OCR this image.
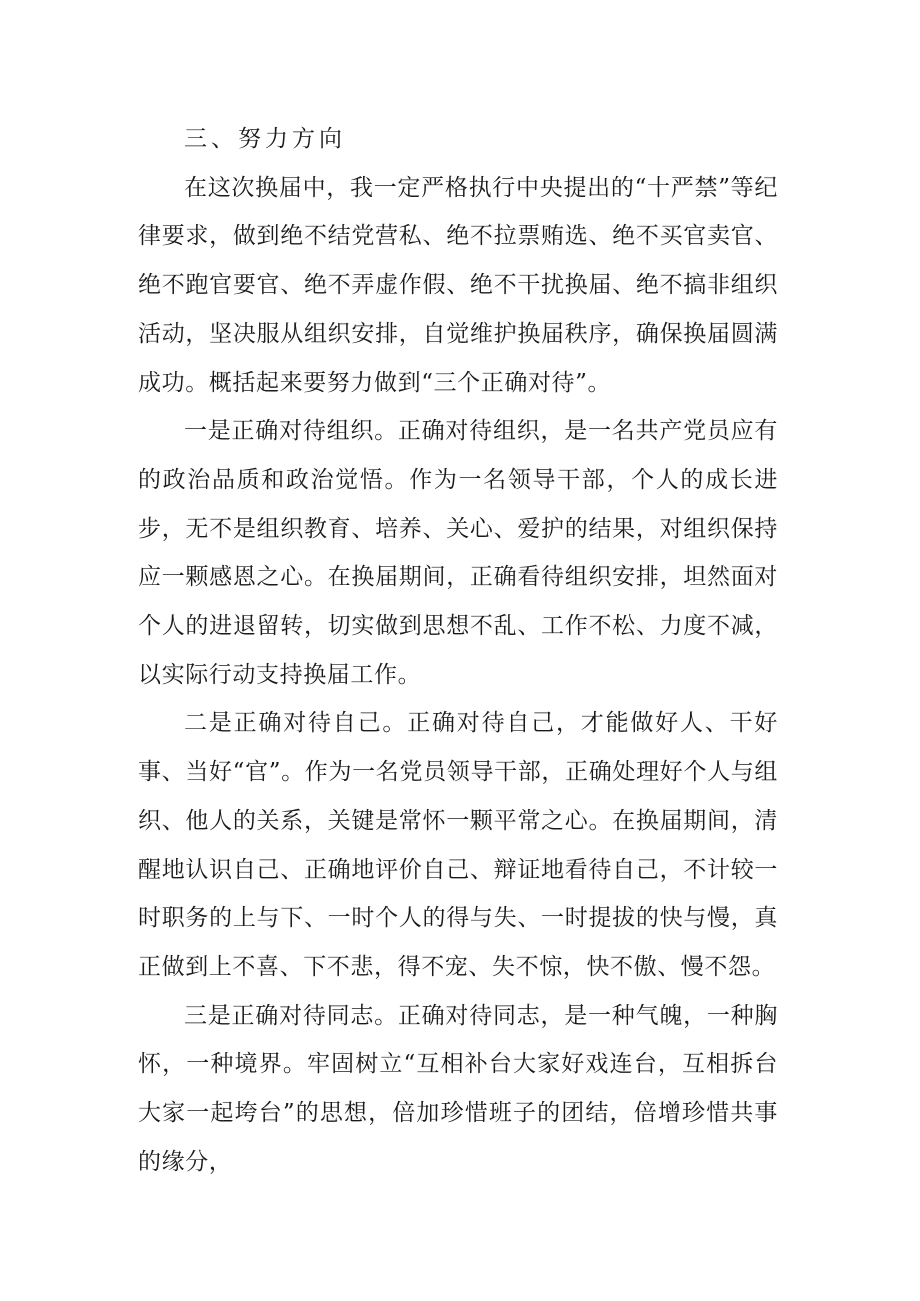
三、努力方向

在这次换届中，我一定严格执行中央提出的“十严禁”等纪律要求，做到绝不结党营私、绝不拉票贿选、绝不买官卖官、绝不跑官要官、绝不弄虚作假、绝不干扰换届、绝不搞非组织活动，坚决服从组织安排，自觉维护换届秩序，确保换届圆满成功。概括起来要努力做到“三个正确对待”。

一是正确对待组织。正确对待组织，是一名共产党员应有的政治品质和政治觉悟。作为一名领导干部，个人的成长进步，无不是组织教育、培养、关心、爱护的结果，对组织保持应一颗感恩之心。在换届期间，正确看待组织安排，坦然面对个人的进退留转，切实做到思想不乱、工作不松、力度不减，以实际行动支持换届工作。

二是正确对待自己。正确对待自己，才能做好人、干好事、当好“官”。作为一名党员领导干部，正确处理好个人与组织、他人的关系，关键是常怀一颗平常之心。在换届期间，清醒地认识自己、正确地评价自己、辩证地看待自己，不计较一时职务的上与下、一时个人的得与失、一时提拔的快与慢，真正做到上不喜、下不悲，得不宠、失不惊，快不傲、慢不怨。

三是正确对待同志。正确对待同志，是一种气魄，一种胸怀，一种境界。牢固树立“互相补台大家好戏连台，互相拆台大家一起垮台”的思想，倍加珍惜班子的团结，倍增珍惜共事的缘分，
